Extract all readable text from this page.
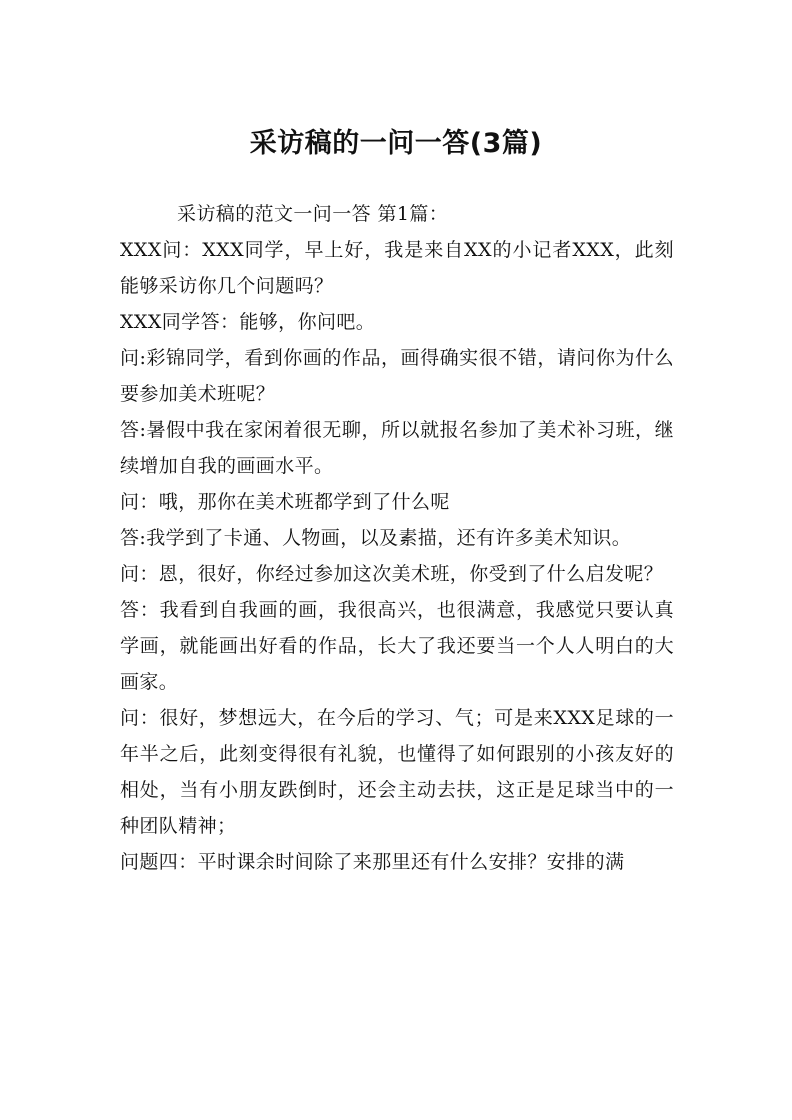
采访稿的一问一答(3篇)

采访稿的范文一问一答 第1篇：

XXX问：XXX同学，早上好，我是来自XX的小记者XXX，此刻能够采访你几个问题吗？

XXX同学答：能够，你问吧。

问:彩锦同学，看到你画的作品，画得确实很不错，请问你为什么要参加美术班呢？

答:暑假中我在家闲着很无聊，所以就报名参加了美术补习班，继续增加自我的画画水平。

问：哦，那你在美术班都学到了什么呢

答:我学到了卡通、人物画，以及素描，还有许多美术知识。

问：恩，很好，你经过参加这次美术班，你受到了什么启发呢？

答：我看到自我画的画，我很高兴，也很满意，我感觉只要认真学画，就能画出好看的作品，长大了我还要当一个人人明白的大画家。

问：很好，梦想远大，在今后的学习、气；可是来XXX足球的一年半之后，此刻变得很有礼貌，也懂得了如何跟别的小孩友好的相处，当有小朋友跌倒时，还会主动去扶，这正是足球当中的一种团队精神；

问题四：平时课余时间除了来那里还有什么安排？安排的满
